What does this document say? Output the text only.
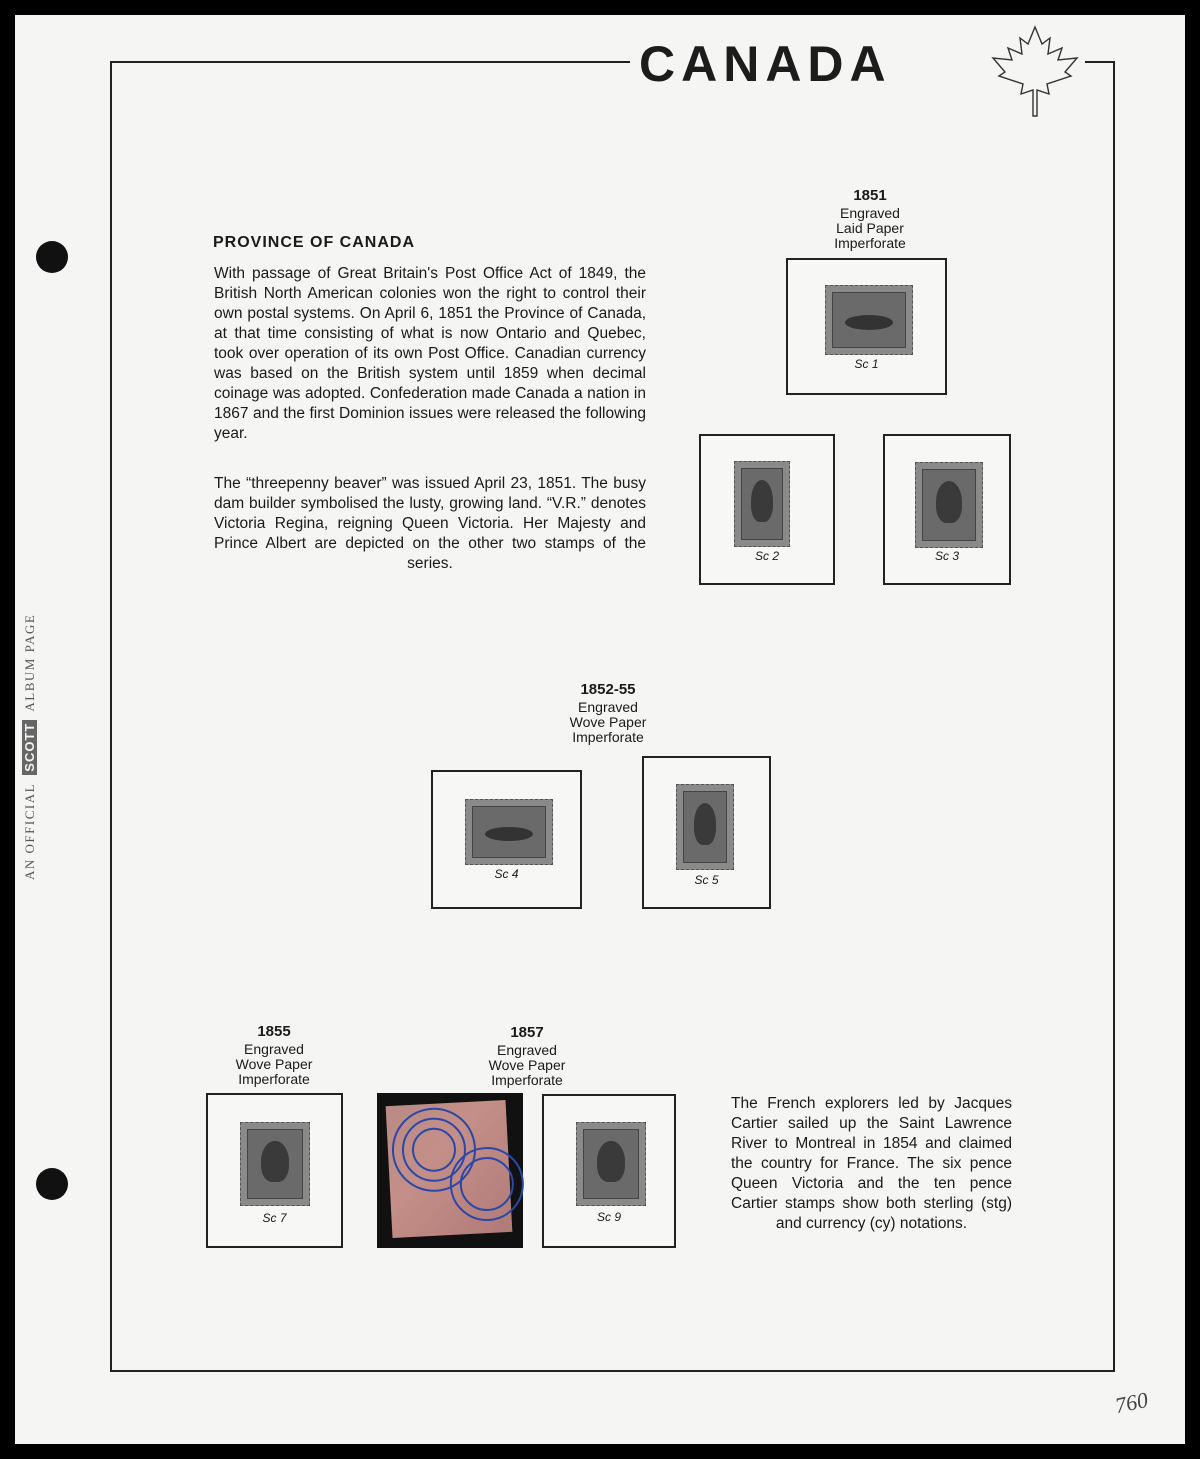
AN OFFICIAL SCOTT ALBUM PAGE
CANADA
PROVINCE OF CANADA
With passage of Great Britain's Post Office Act of 1849, the British North American colonies won the right to control their own postal systems. On April 6, 1851 the Province of Canada, at that time consisting of what is now Ontario and Quebec, took over operation of its own Post Office. Canadian currency was based on the British system until 1859 when decimal coinage was adopted. Confederation made Canada a nation in 1867 and the first Dominion issues were released the following year.
The “threepenny beaver” was issued April 23, 1851. The busy dam builder symbolised the lusty, growing land. “V.R.” denotes Victoria Regina, reigning Queen Victoria. Her Majesty and Prince Albert are depicted on the other two stamps of the series.
1851
Engraved
Laid Paper
Imperforate
Sc 1
Sc 2	Sc 3
1852-55
Engraved
Wove Paper
Imperforate
Sc 4	Sc 5
1855
Engraved
Wove Paper
Imperforate
Sc 7
1857
Engraved
Wove Paper
Imperforate
Sc 9
The French explorers led by Jacques Cartier sailed up the Saint Lawrence River to Montreal in 1854 and claimed the country for France. The six pence Queen Victoria and the ten pence Cartier stamps show both sterling (stg) and currency (cy) notations.
760
